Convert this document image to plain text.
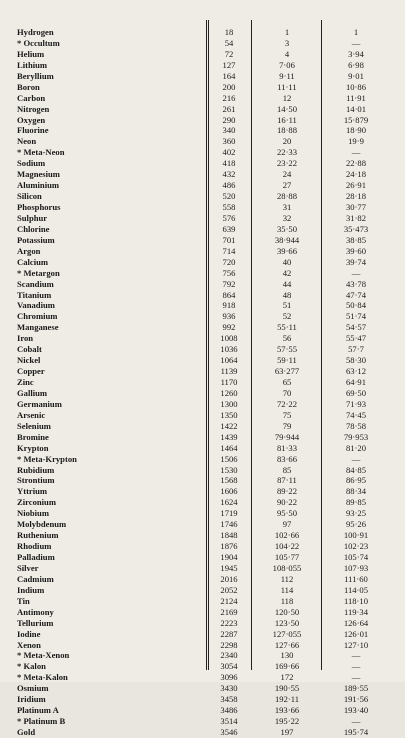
Hydrogen	18	1	1
* Occultum	54	3	—
Helium	72	4	3·94
Lithium	127	7·06	6·98
Beryllium	164	9·11	9·01
Boron	200	11·11	10·86
Carbon	216	12	11·91
Nitrogen	261	14·50	14·01
Oxygen	290	16·11	15·879
Fluorine	340	18·88	18·90
Neon	360	20	19·9
* Meta-Neon	402	22·33	—
Sodium	418	23·22	22·88
Magnesium	432	24	24·18
Aluminium	486	27	26·91
Silicon	520	28·88	28·18
Phosphorus	558	31	30·77
Sulphur	576	32	31·82
Chlorine	639	35·50	35·473
Potassium	701	38·944	38·85
Argon	714	39·66	39·60
Calcium	720	40	39·74
* Metargon	756	42	—
Scandium	792	44	43·78
Titanium	864	48	47·74
Vanadium	918	51	50·84
Chromium	936	52	51·74
Manganese	992	55·11	54·57
Iron	1008	56	55·47
Cobalt	1036	57·55	57·7
Nickel	1064	59·11	58·30
Copper	1139	63·277	63·12
Zinc	1170	65	64·91
Gallium	1260	70	69·50
Germanium	1300	72·22	71·93
Arsenic	1350	75	74·45
Selenium	1422	79	78·58
Bromine	1439	79·944	79·953
Krypton	1464	81·33	81·20
* Meta-Krypton	1506	83·66	—
Rubidium	1530	85	84·85
Strontium	1568	87·11	86·95
Yttrium	1606	89·22	88·34
Zirconium	1624	90·22	89·85
Niobium	1719	95·50	93·25
Molybdenum	1746	97	95·26
Ruthenium	1848	102·66	100·91
Rhodium	1876	104·22	102·23
Palladium	1904	105·77	105·74
Silver	1945	108·055	107·93
Cadmium	2016	112	111·60
Indium	2052	114	114·05
Tin	2124	118	118·10
Antimony	2169	120·50	119·34
Tellurium	2223	123·50	126·64
Iodine	2287	127·055	126·01
Xenon	2298	127·66	127·10
* Meta-Xenon	2340	130	—
* Kalon	3054	169·66	—
* Meta-Kalon	3096	172	—
Osmium	3430	190·55	189·55
Iridium	3458	192·11	191·56
Platinum A	3486	193·66	193·40
* Platinum B	3514	195·22	—
Gold	3546	197	195·74
